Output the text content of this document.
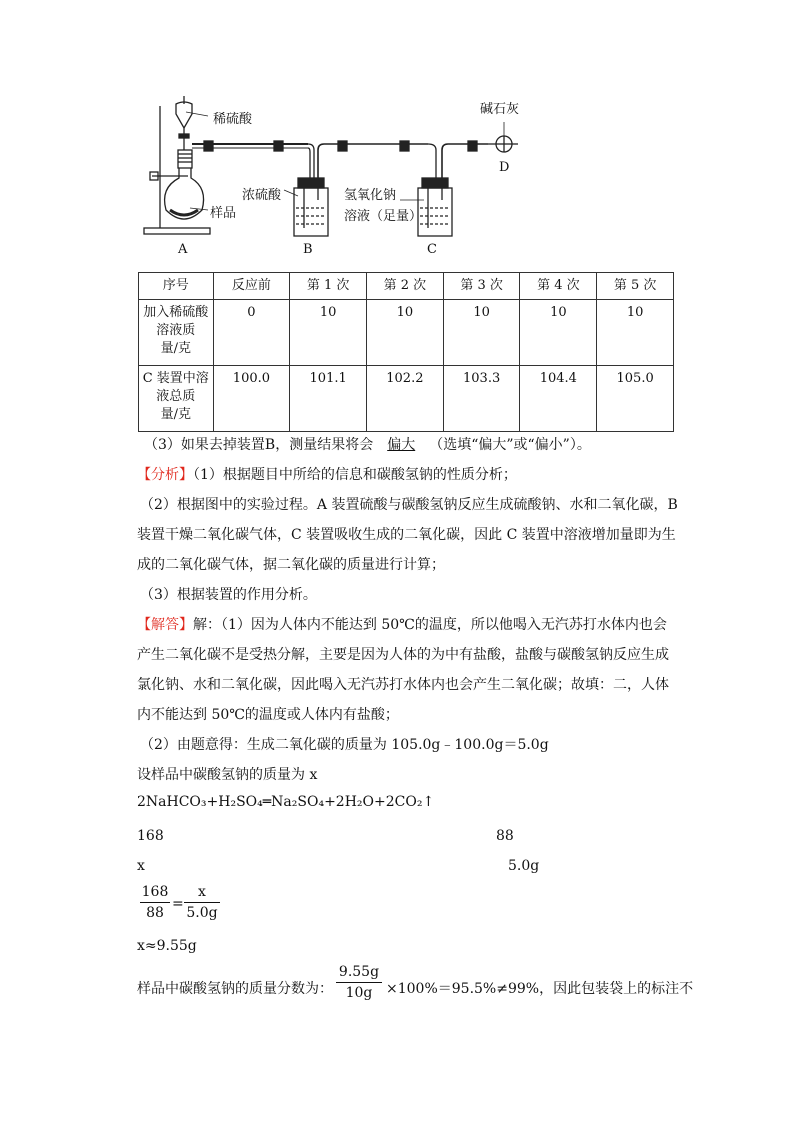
稀硫酸
样品
浓硫酸	氢氧化钠
溶液（足量）
碱石灰
A	B	C
D
序号	反应前	第 1 次	第 2 次	第 3 次	第 4 次	第 5 次

加入稀硫酸
溶液质
量/克	0	10	10	10	10	10

C 装置中溶
液总质
量/克	100.0	101.1	102.2	103.3	104.4	105.0
（3）如果去掉装置B，测量结果将会 偏大 （选填“偏大”或“偏小”）。
【分析】（1）根据题目中所给的信息和碳酸氢钠的性质分析；
（2）根据图中的实验过程。A 装置硫酸与碳酸氢钠反应生成硫酸钠、水和二氧化碳，B
装置干燥二氧化碳气体，C 装置吸收生成的二氧化碳，因此 C 装置中溶液增加量即为生
成的二氧化碳气体，据二氧化碳的质量进行计算；
（3）根据装置的作用分析。
【解答】解：（1）因为人体内不能达到 50℃的温度，所以他喝入无汽苏打水体内也会
产生二氧化碳不是受热分解，主要是因为人体的为中有盐酸，盐酸与碳酸氢钠反应生成
氯化钠、水和二氧化碳，因此喝入无汽苏打水体内也会产生二氧化碳；故填：二，人体
内不能达到 50℃的温度或人体内有盐酸；
（2）由题意得：生成二氧化碳的质量为 105.0g﹣100.0g＝5.0g
设样品中碳酸氢钠的质量为 x
2NaHCO₃+H₂SO₄═Na₂SO₄+2H₂O+2CO₂↑
168	88
x	5.0g
168
88
=
x
5.0g
x≈9.55g
样品中碳酸氢钠的质量分数为：
9.55g
10g ×100%＝95.5%≠99%，因此包装袋上的标注不
